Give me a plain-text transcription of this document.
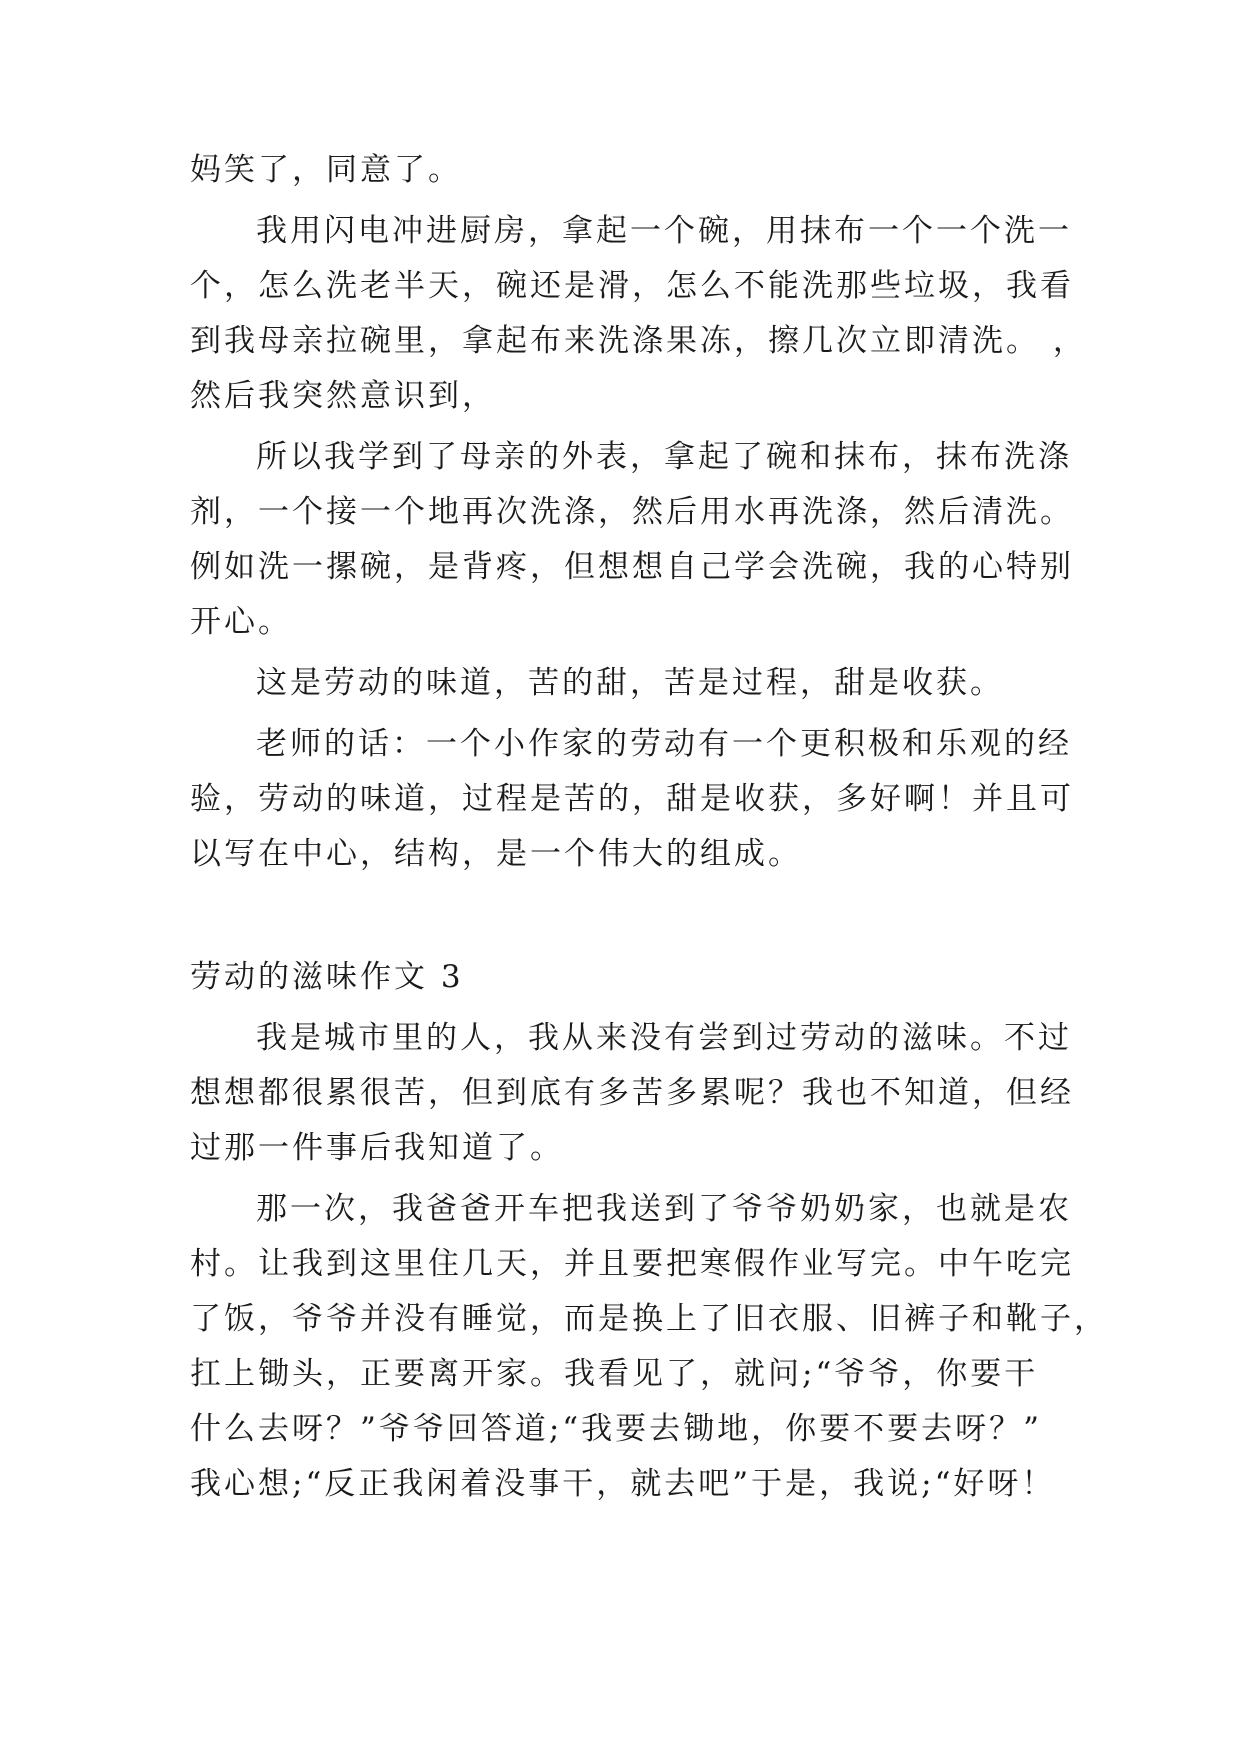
妈笑了，同意了。
我用闪电冲进厨房，拿起一个碗，用抹布一个一个洗一
个，怎么洗老半天，碗还是滑，怎么不能洗那些垃圾，我看
到我母亲拉碗里，拿起布来洗涤果冻，擦几次立即清洗。 ，
然后我突然意识到，
所以我学到了母亲的外表，拿起了碗和抹布，抹布洗涤
剂，一个接一个地再次洗涤，然后用水再洗涤，然后清洗。
例如洗一摞碗，是背疼，但想想自己学会洗碗，我的心特别
开心。
这是劳动的味道，苦的甜，苦是过程，甜是收获。
老师的话：一个小作家的劳动有一个更积极和乐观的经
验，劳动的味道，过程是苦的，甜是收获，多好啊！并且可
以写在中心，结构，是一个伟大的组成。
劳动的滋味作文 3
我是城市里的人，我从来没有尝到过劳动的滋味。不过
想想都很累很苦，但到底有多苦多累呢？我也不知道，但经
过那一件事后我知道了。
那一次，我爸爸开车把我送到了爷爷奶奶家，也就是农
村。让我到这里住几天，并且要把寒假作业写完。中午吃完
了饭，爷爷并没有睡觉，而是换上了旧衣服、旧裤子和靴子，
扛上锄头，正要离开家。我看见了，就问;“爷爷，你要干
什么去呀？”爷爷回答道;“我要去锄地，你要不要去呀？”
我心想;“反正我闲着没事干，就去吧”于是，我说;“好呀！
